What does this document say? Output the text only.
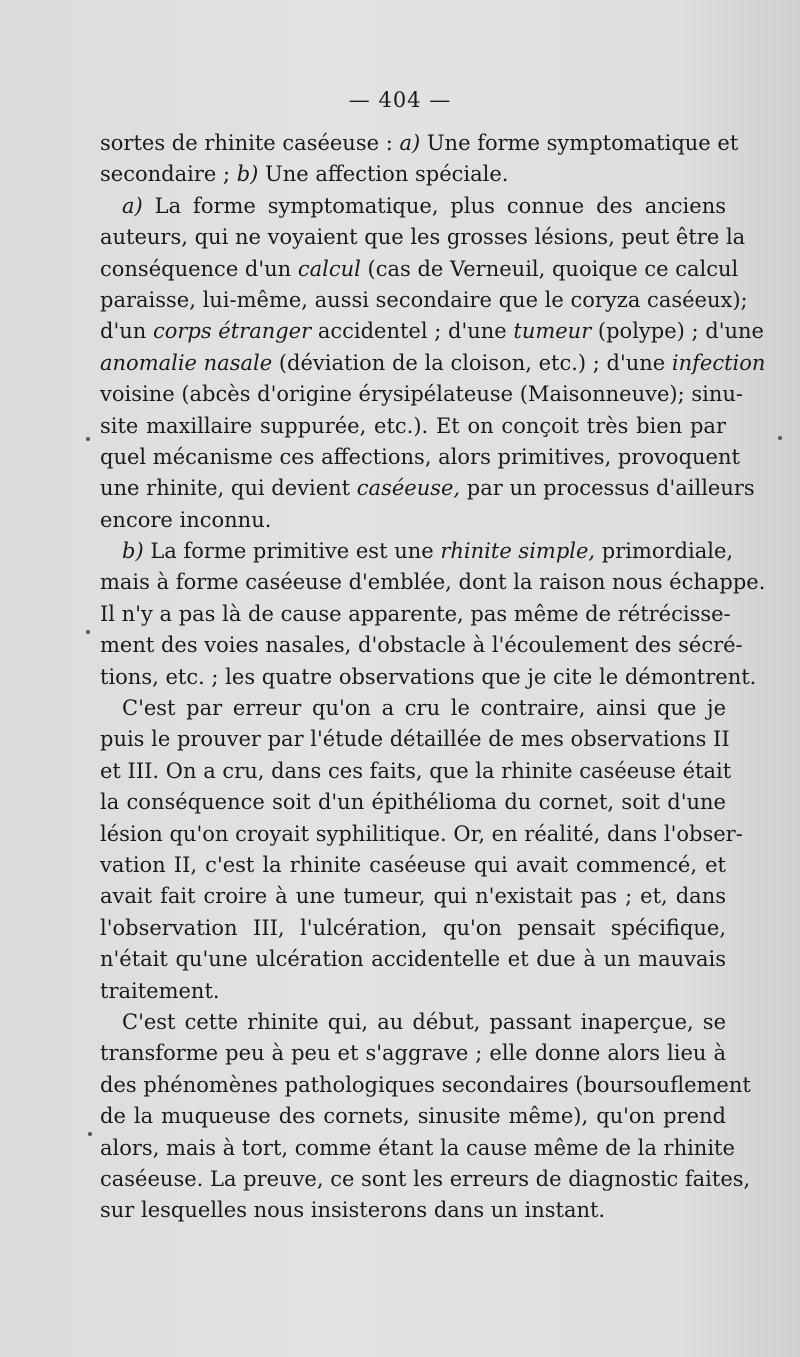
— 404 —
sortes de rhinite caséeuse : a) Une forme symptomatique et
secondaire ; b) Une affection spéciale.
a) La forme symptomatique, plus connue des anciens
auteurs, qui ne voyaient que les grosses lésions, peut être la
conséquence d'un calcul (cas de Verneuil, quoique ce calcul
paraisse, lui-même, aussi secondaire que le coryza caséeux);
d'un corps étranger accidentel ; d'une tumeur (polype) ; d'une
anomalie nasale (déviation de la cloison, etc.) ; d'une infection
voisine (abcès d'origine érysipélateuse (Maisonneuve); sinu-
site maxillaire suppurée, etc.). Et on conçoit très bien par
quel mécanisme ces affections, alors primitives, provoquent
une rhinite, qui devient caséeuse, par un processus d'ailleurs
encore inconnu.
b) La forme primitive est une rhinite simple, primordiale,
mais à forme caséeuse d'emblée, dont la raison nous échappe.
Il n'y a pas là de cause apparente, pas même de rétrécisse-
ment des voies nasales, d'obstacle à l'écoulement des sécré-
tions, etc. ; les quatre observations que je cite le démontrent.
C'est par erreur qu'on a cru le contraire, ainsi que je
puis le prouver par l'étude détaillée de mes observations II
et III. On a cru, dans ces faits, que la rhinite caséeuse était
la conséquence soit d'un épithélioma du cornet, soit d'une
lésion qu'on croyait syphilitique. Or, en réalité, dans l'obser-
vation II, c'est la rhinite caséeuse qui avait commencé, et
avait fait croire à une tumeur, qui n'existait pas ; et, dans
l'observation III, l'ulcération, qu'on pensait spécifique,
n'était qu'une ulcération accidentelle et due à un mauvais
traitement.
C'est cette rhinite qui, au début, passant inaperçue, se
transforme peu à peu et s'aggrave ; elle donne alors lieu à
des phénomènes pathologiques secondaires (boursouflement
de la muqueuse des cornets, sinusite même), qu'on prend
alors, mais à tort, comme étant la cause même de la rhinite
caséeuse. La preuve, ce sont les erreurs de diagnostic faites,
sur lesquelles nous insisterons dans un instant.
